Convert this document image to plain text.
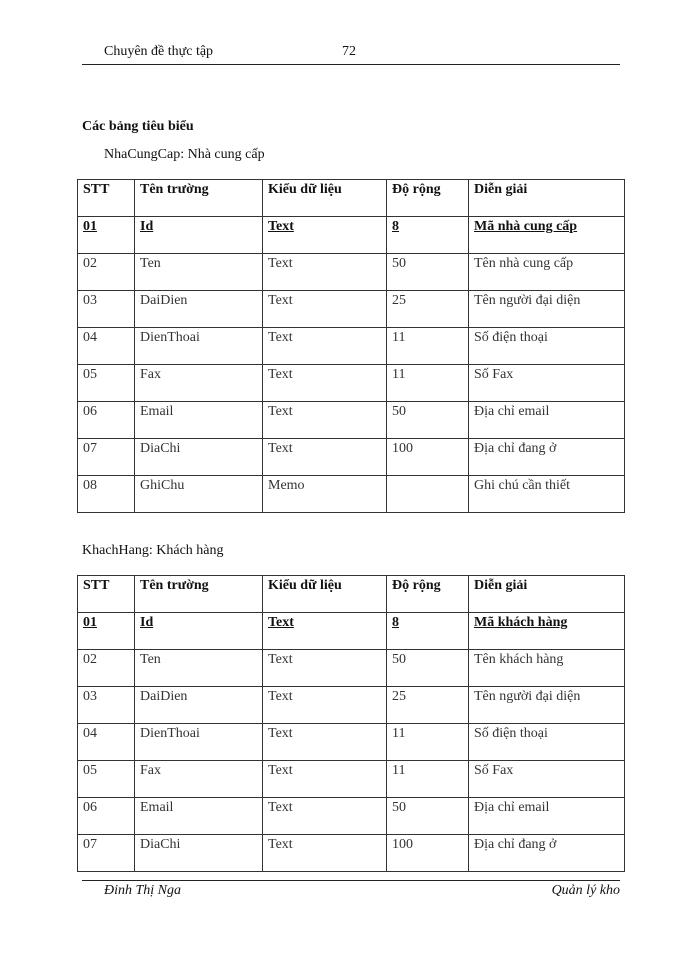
Chuyên đề thực tập	72
Các bảng tiêu biểu
NhaCungCap: Nhà cung cấp
STT	Tên trường	Kiểu dữ liệu	Độ rộng	Diễn giải
01	Id	Text	8	Mã nhà cung cấp
02	Ten	Text	50	Tên nhà cung cấp
03	DaiDien	Text	25	Tên người đại diện
04	DienThoai	Text	11	Số điện thoại
05	Fax	Text	11	Số Fax
06	Email	Text	50	Địa chỉ email
07	DiaChi	Text	100	Địa chỉ đang ở
08	GhiChu	Memo		Ghi chú cần thiết
KhachHang: Khách hàng
STT	Tên trường	Kiểu dữ liệu	Độ rộng	Diễn giải
01	Id	Text	8	Mã khách hàng
02	Ten	Text	50	Tên khách hàng
03	DaiDien	Text	25	Tên người đại diện
04	DienThoai	Text	11	Số điện thoại
05	Fax	Text	11	Số Fax
06	Email	Text	50	Địa chỉ email
07	DiaChi	Text	100	Địa chỉ đang ở
Đinh Thị Nga	Quản lý kho
